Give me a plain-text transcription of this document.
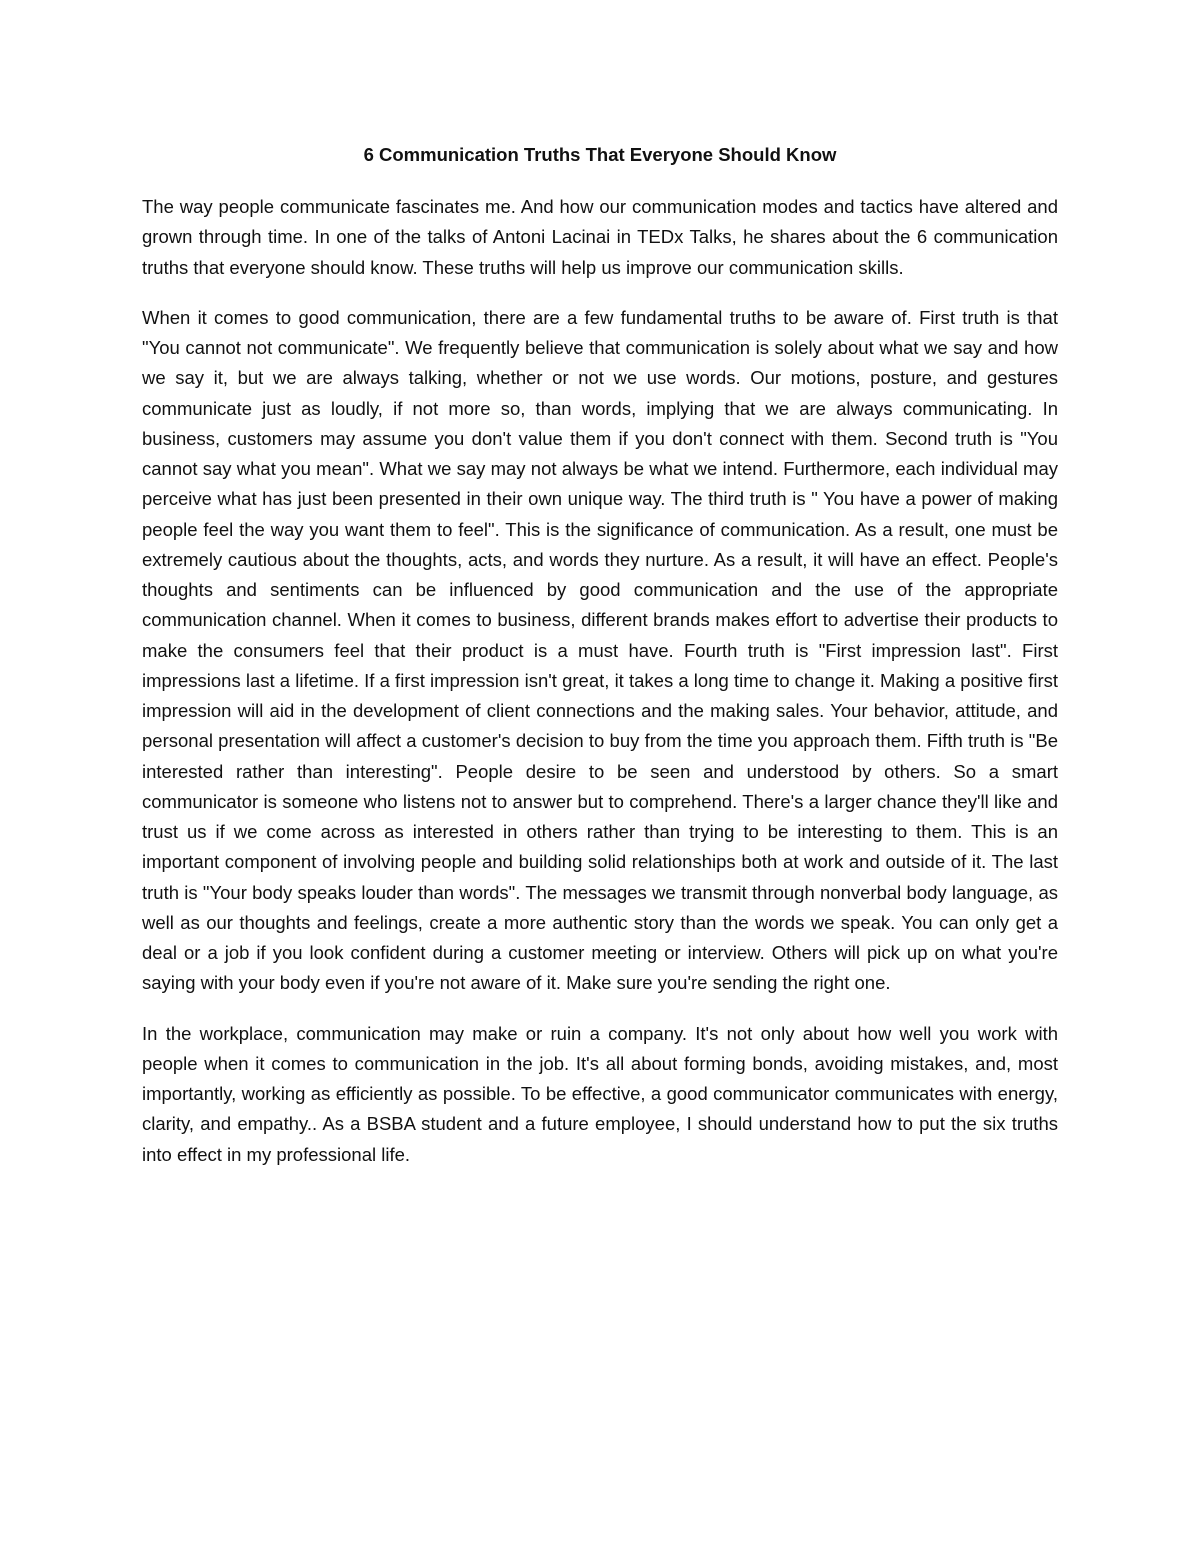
6 Communication Truths That Everyone Should Know

The way people communicate fascinates me. And how our communication modes and tactics have altered and grown through time. In one of the talks of Antoni Lacinai in TEDx Talks, he shares about the 6 communication truths that everyone should know. These truths will help us improve our communication skills.

When it comes to good communication, there are a few fundamental truths to be aware of. First truth is that "You cannot not communicate". We frequently believe that communication is solely about what we say and how we say it, but we are always talking, whether or not we use words. Our motions, posture, and gestures communicate just as loudly, if not more so, than words, implying that we are always communicating. In business, customers may assume you don't value them if you don't connect with them. Second truth is "You cannot say what you mean". What we say may not always be what we intend. Furthermore, each individual may perceive what has just been presented in their own unique way. The third truth is " You have a power of making people feel the way you want them to feel". This is the significance of communication. As a result, one must be extremely cautious about the thoughts, acts, and words they nurture. As a result, it will have an effect. People's thoughts and sentiments can be influenced by good communication and the use of the appropriate communication channel. When it comes to business, different brands makes effort to advertise their products to make the consumers feel that their product is a must have. Fourth truth is "First impression last". First impressions last a lifetime. If a first impression isn't great, it takes a long time to change it. Making a positive first impression will aid in the development of client connections and the making sales. Your behavior, attitude, and personal presentation will affect a customer's decision to buy from the time you approach them. Fifth truth is "Be interested rather than interesting". People desire to be seen and understood by others. So a smart communicator is someone who listens not to answer but to comprehend. There's a larger chance they'll like and trust us if we come across as interested in others rather than trying to be interesting to them. This is an important component of involving people and building solid relationships both at work and outside of it. The last truth is "Your body speaks louder than words". The messages we transmit through nonverbal body language, as well as our thoughts and feelings, create a more authentic story than the words we speak. You can only get a deal or a job if you look confident during a customer meeting or interview. Others will pick up on what you're saying with your body even if you're not aware of it. Make sure you're sending the right one.

In the workplace, communication may make or ruin a company. It's not only about how well you work with people when it comes to communication in the job. It's all about forming bonds, avoiding mistakes, and, most importantly, working as efficiently as possible. To be effective, a good communicator communicates with energy, clarity, and empathy.. As a BSBA student and a future employee, I should understand how to put the six truths into effect in my professional life.
